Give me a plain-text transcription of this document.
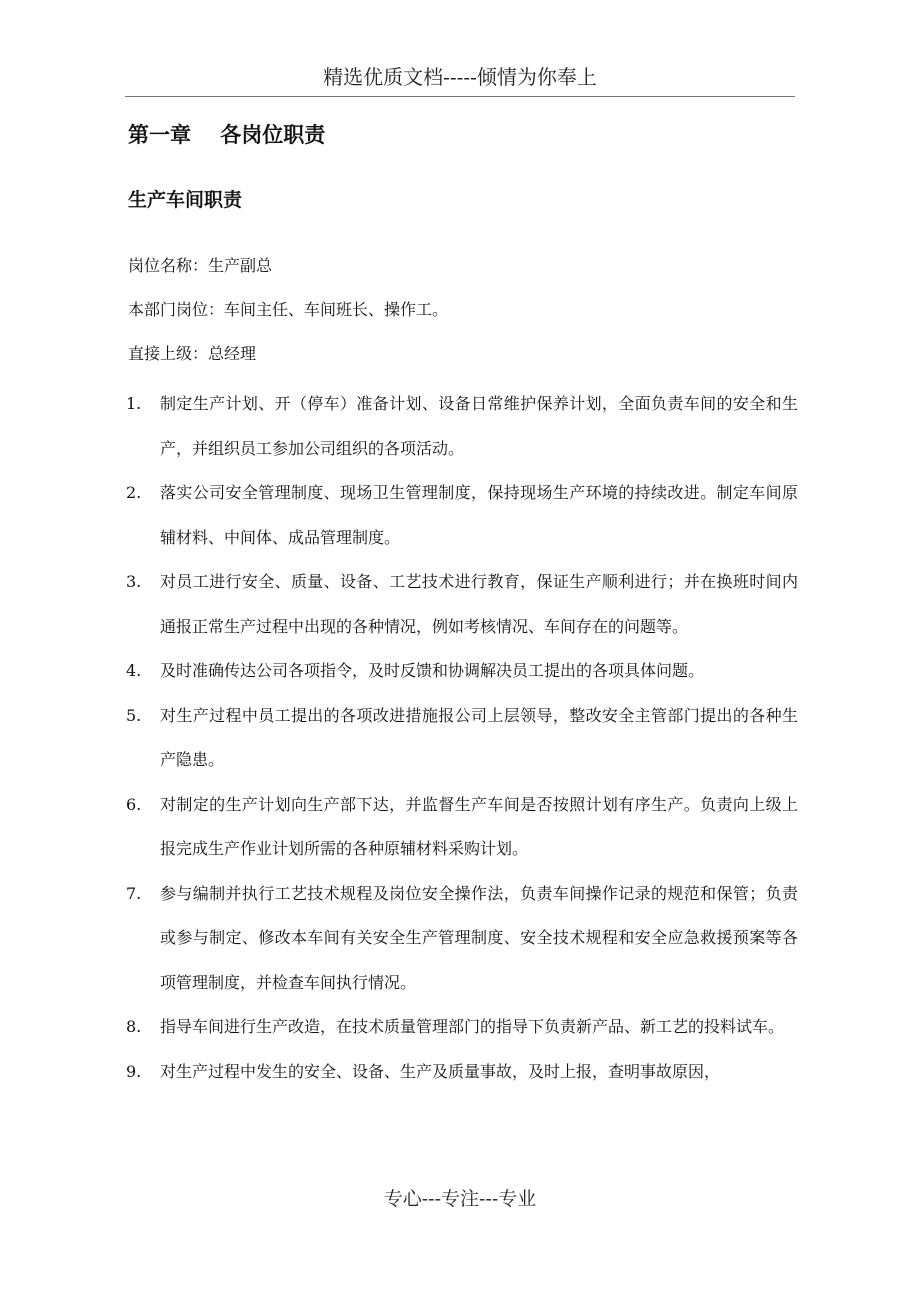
精选优质文档-----倾情为你奉上
第一章    各岗位职责
生产车间职责
岗位名称：生产副总
本部门岗位：车间主任、车间班长、操作工。
直接上级：总经理
1.	制定生产计划、开（停车）准备计划、设备日常维护保养计划，全面负责车间的安全和生产，并组织员工参加公司组织的各项活动。
2.	落实公司安全管理制度、现场卫生管理制度，保持现场生产环境的持续改进。制定车间原辅材料、中间体、成品管理制度。
3.	对员工进行安全、质量、设备、工艺技术进行教育，保证生产顺利进行；并在换班时间内通报正常生产过程中出现的各种情况，例如考核情况、车间存在的问题等。
4.	及时准确传达公司各项指令，及时反馈和协调解决员工提出的各项具体问题。
5.	对生产过程中员工提出的各项改进措施报公司上层领导，整改安全主管部门提出的各种生产隐患。
6.	对制定的生产计划向生产部下达，并监督生产车间是否按照计划有序生产。负责向上级上报完成生产作业计划所需的各种原辅材料采购计划。
7.	参与编制并执行工艺技术规程及岗位安全操作法，负责车间操作记录的规范和保管；负责或参与制定、修改本车间有关安全生产管理制度、安全技术规程和安全应急救援预案等各项管理制度，并检查车间执行情况。
8.	指导车间进行生产改造，在技术质量管理部门的指导下负责新产品、新工艺的投料试车。
9.	对生产过程中发生的安全、设备、生产及质量事故，及时上报，查明事故原因，
专心---专注---专业
